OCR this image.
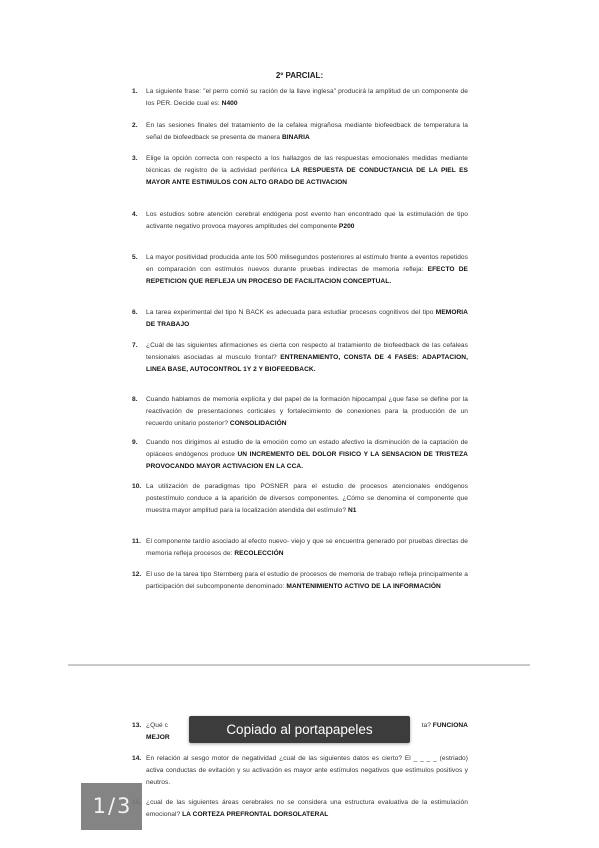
2º PARCIAL:
1. La siguiente frase: "el perro comió su ración de la llave inglesa" producirá la amplitud de un componente de los PER. Decide cual es: N400
2. En las sesiones finales del tratamiento de la cefalea migrañosa mediante biofeedback de temperatura la señal de biofeedback se presenta de manera BINARIA
3. Elige la opción correcta con respecto a los hallazgos de las respuestas emocionales medidas mediante técnicas de registro de la actividad periférica LA RESPUESTA DE CONDUCTANCIA DE LA PIEL ES MAYOR ANTE ESTIMULOS CON ALTO GRADO DE ACTIVACION
4. Los estudios sobre atención cerebral endógena post evento han encontrado que la estimulación de tipo activante negativo provoca mayores amplitudes del componente P200
5. La mayor positividad producida ante los 500 milisegundos posteriores al estímulo frente a eventos repetidos en comparación con estímulos nuevos durante pruebas indirectas de memoria refleja: EFECTO DE REPETICION QUE REFLEJA UN PROCESO DE FACILITACION CONCEPTUAL.
6. La tarea experimental del tipo N BACK es adecuada para estudiar procesos cognitivos del tipo MEMORIA DE TRABAJO
7. ¿Cuál de las siguientes afirmaciones es cierta con respecto al tratamiento de biofeedback de las cefaleas tensionales asociadas al musculo frontal? ENTRENAMIENTO, CONSTA DE 4 FASES: ADAPTACION, LINEA BASE, AUTOCONTROL 1Y 2 Y BIOFEEDBACK.
8. Cuando hablamos de memoria explícita y del papel de la formación hipocampal ¿que fase se define por la reactivación de presentaciones corticales y fortalecimiento de conexiones para la producción de un recuerdo unitario posterior? CONSOLIDACIÓN
9. Cuando nos dirigimos al estudio de la emoción como un estado afectivo la disminución de la captación de opiáceos endógenos produce UN INCREMENTO DEL DOLOR FISICO Y LA SENSACION DE TRISTEZA PROVOCANDO MAYOR ACTIVACION EN LA CCA.
10. La utilización de paradigmas tipo POSNER para el estudio de procesos atencionales endógenos postestímulo conduce a la aparición de diversos componentes. ¿Cómo se denomina el componente que muestra mayor amplitud para la localización atendida del estímulo? N1
11. El componente tardío asociado al efecto nuevo- viejo y que se encuentra generado por pruebas directas de memoria refleja procesos de: RECOLECCIÓN
12. El uso de la tarea tipo Sternberg para el estudio de procesos de memoria de trabajo refleja principalmente a participación del subcomponente denominado: MANTENIMIENTO ACTIVO DE LA INFORMACIÓN
13. ¿Qué c	ta? FUNCIONA

MEJOR
14. En relación al sesgo motor de negatividad ¿cual de las siguientes datos es cierto? El _ _ _ _ (estriado) activa conductas de evitación y su activación es mayor ante estímulos negativos que estímulos positivos y neutros.
¿cual de las siguientes áreas cerebrales no se considera una estructura evaluativa de la estimulación emocional? LA CORTEZA PREFRONTAL DORSOLATERAL
Copiado al portapapeles
1/3
